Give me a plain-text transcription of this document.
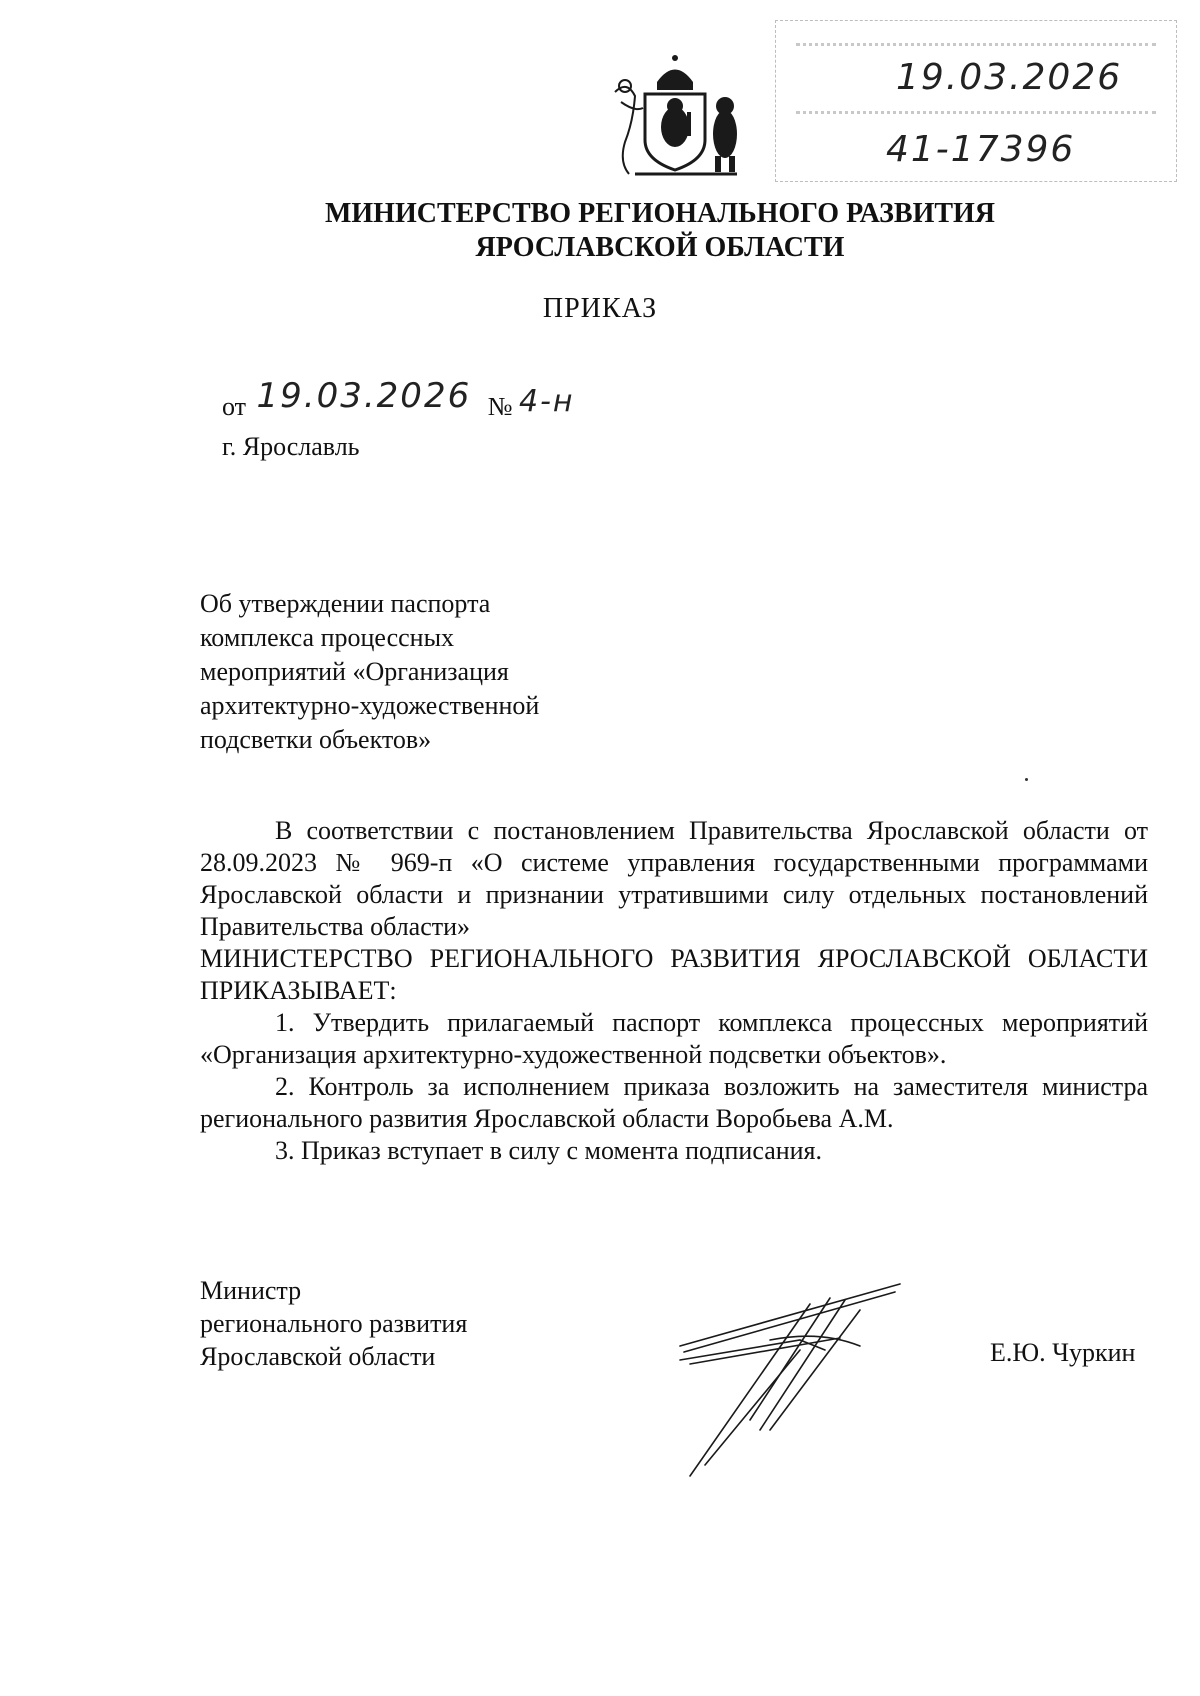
19.03.2026
41-17396
МИНИСТЕРСТВО РЕГИОНАЛЬНОГО РАЗВИТИЯ
ЯРОСЛАВСКОЙ ОБЛАСТИ
ПРИКАЗ
от 19.03.2026 № 4-н
г. Ярославль
Об утверждении паспорта
комплекса процессных
мероприятий «Организация
архитектурно-художественной
подсветки объектов»

В соответствии с постановлением Правительства Ярославской области от 28.09.2023 № 969-п «О системе управления государственными программами Ярославской области и признании утратившими силу отдельных постановлений Правительства области»

МИНИСТЕРСТВО РЕГИОНАЛЬНОГО РАЗВИТИЯ ЯРОСЛАВСКОЙ ОБЛАСТИ ПРИКАЗЫВАЕТ:

1. Утвердить прилагаемый паспорт комплекса процессных мероприятий «Организация архитектурно-художественной подсветки объектов».

2. Контроль за исполнением приказа возложить на заместителя министра регионального развития Ярославской области Воробьева А.М.

3. Приказ вступает в силу с момента подписания.

Министр
регионального развития
Ярославской области	Е.Ю. Чуркин
